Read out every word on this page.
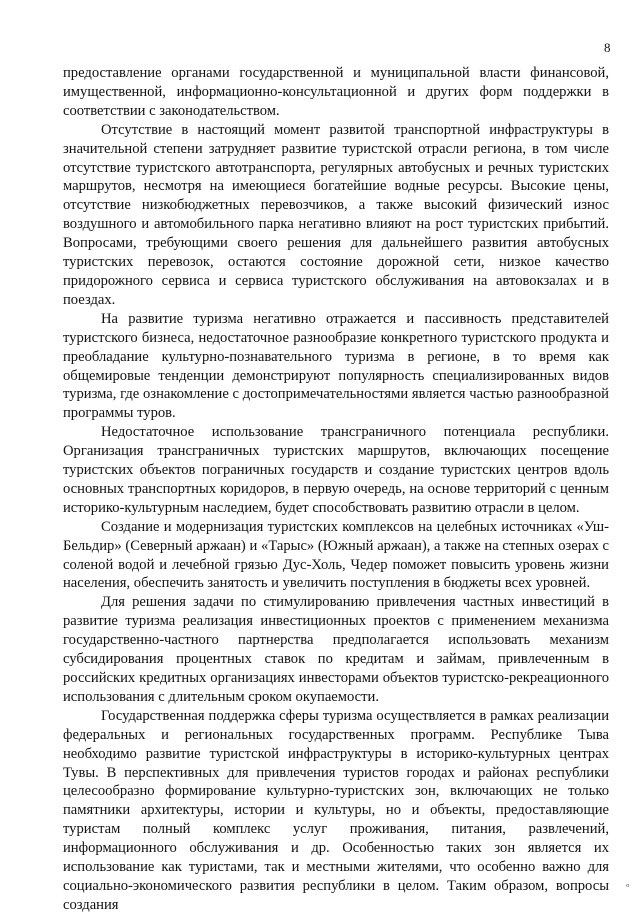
8

предоставление органами государственной и муниципальной власти финансовой, имущественной, информационно-консультационной и других форм поддержки в соответствии с законодательством.

Отсутствие в настоящий момент развитой транспортной инфраструктуры в значительной степени затрудняет развитие туристской отрасли региона, в том числе отсутствие туристского автотранспорта, регулярных автобусных и речных туристских маршрутов, несмотря на имеющиеся богатейшие водные ресурсы. Высокие цены, отсутствие низкобюджетных перевозчиков, а также высокий физический износ воздушного и автомобильного парка негативно влияют на рост туристских прибытий. Вопросами, требующими своего решения для дальнейшего развития автобусных туристских перевозок, остаются состояние дорожной сети, низкое качество придорожного сервиса и сервиса туристского обслуживания на автовокзалах и в поездах.

На развитие туризма негативно отражается и пассивность представителей туристского бизнеса, недостаточное разнообразие конкретного туристского продукта и преобладание культурно-познавательного туризма в регионе, в то время как общемировые тенденции демонстрируют популярность специализированных видов туризма, где ознакомление с достопримечательностями является частью разнообразной программы туров.

Недостаточное использование трансграничного потенциала республики. Организация трансграничных туристских маршрутов, включающих посещение туристских объектов пограничных государств и создание туристских центров вдоль основных транспортных коридоров, в первую очередь, на основе территорий с ценным историко-культурным наследием, будет способствовать развитию отрасли в целом.

Создание и модернизация туристских комплексов на целебных источниках «Уш-Бельдир» (Северный аржаан) и «Тарыс» (Южный аржаан), а также на степных озерах с соленой водой и лечебной грязью Дус-Холь, Чедер поможет повысить уровень жизни населения, обеспечить занятость и увеличить поступления в бюджеты всех уровней.

Для решения задачи по стимулированию привлечения частных инвестиций в развитие туризма реализация инвестиционных проектов с применением механизма государственно-частного партнерства предполагается использовать механизм субсидирования процентных ставок по кредитам и займам, привлеченным в российских кредитных организациях инвесторами объектов туристско-рекреационного использования с длительным сроком окупаемости.

Государственная поддержка сферы туризма осуществляется в рамках реализации федеральных и региональных государственных программ. Республике Тыва необходимо развитие туристской инфраструктуры в историко-культурных центрах Тувы. В перспективных для привлечения туристов городах и районах республики целесообразно формирование культурно-туристских зон, включающих не только памятники архитектуры, истории и культуры, но и объекты, предоставляющие туристам полный комплекс услуг проживания, питания, развлечений, информационного обслуживания и др. Особенностью таких зон является их использование как туристами, так и местными жителями, что особенно важно для социально-экономического развития республики в целом. Таким образом, вопросы создания

ᵒ
